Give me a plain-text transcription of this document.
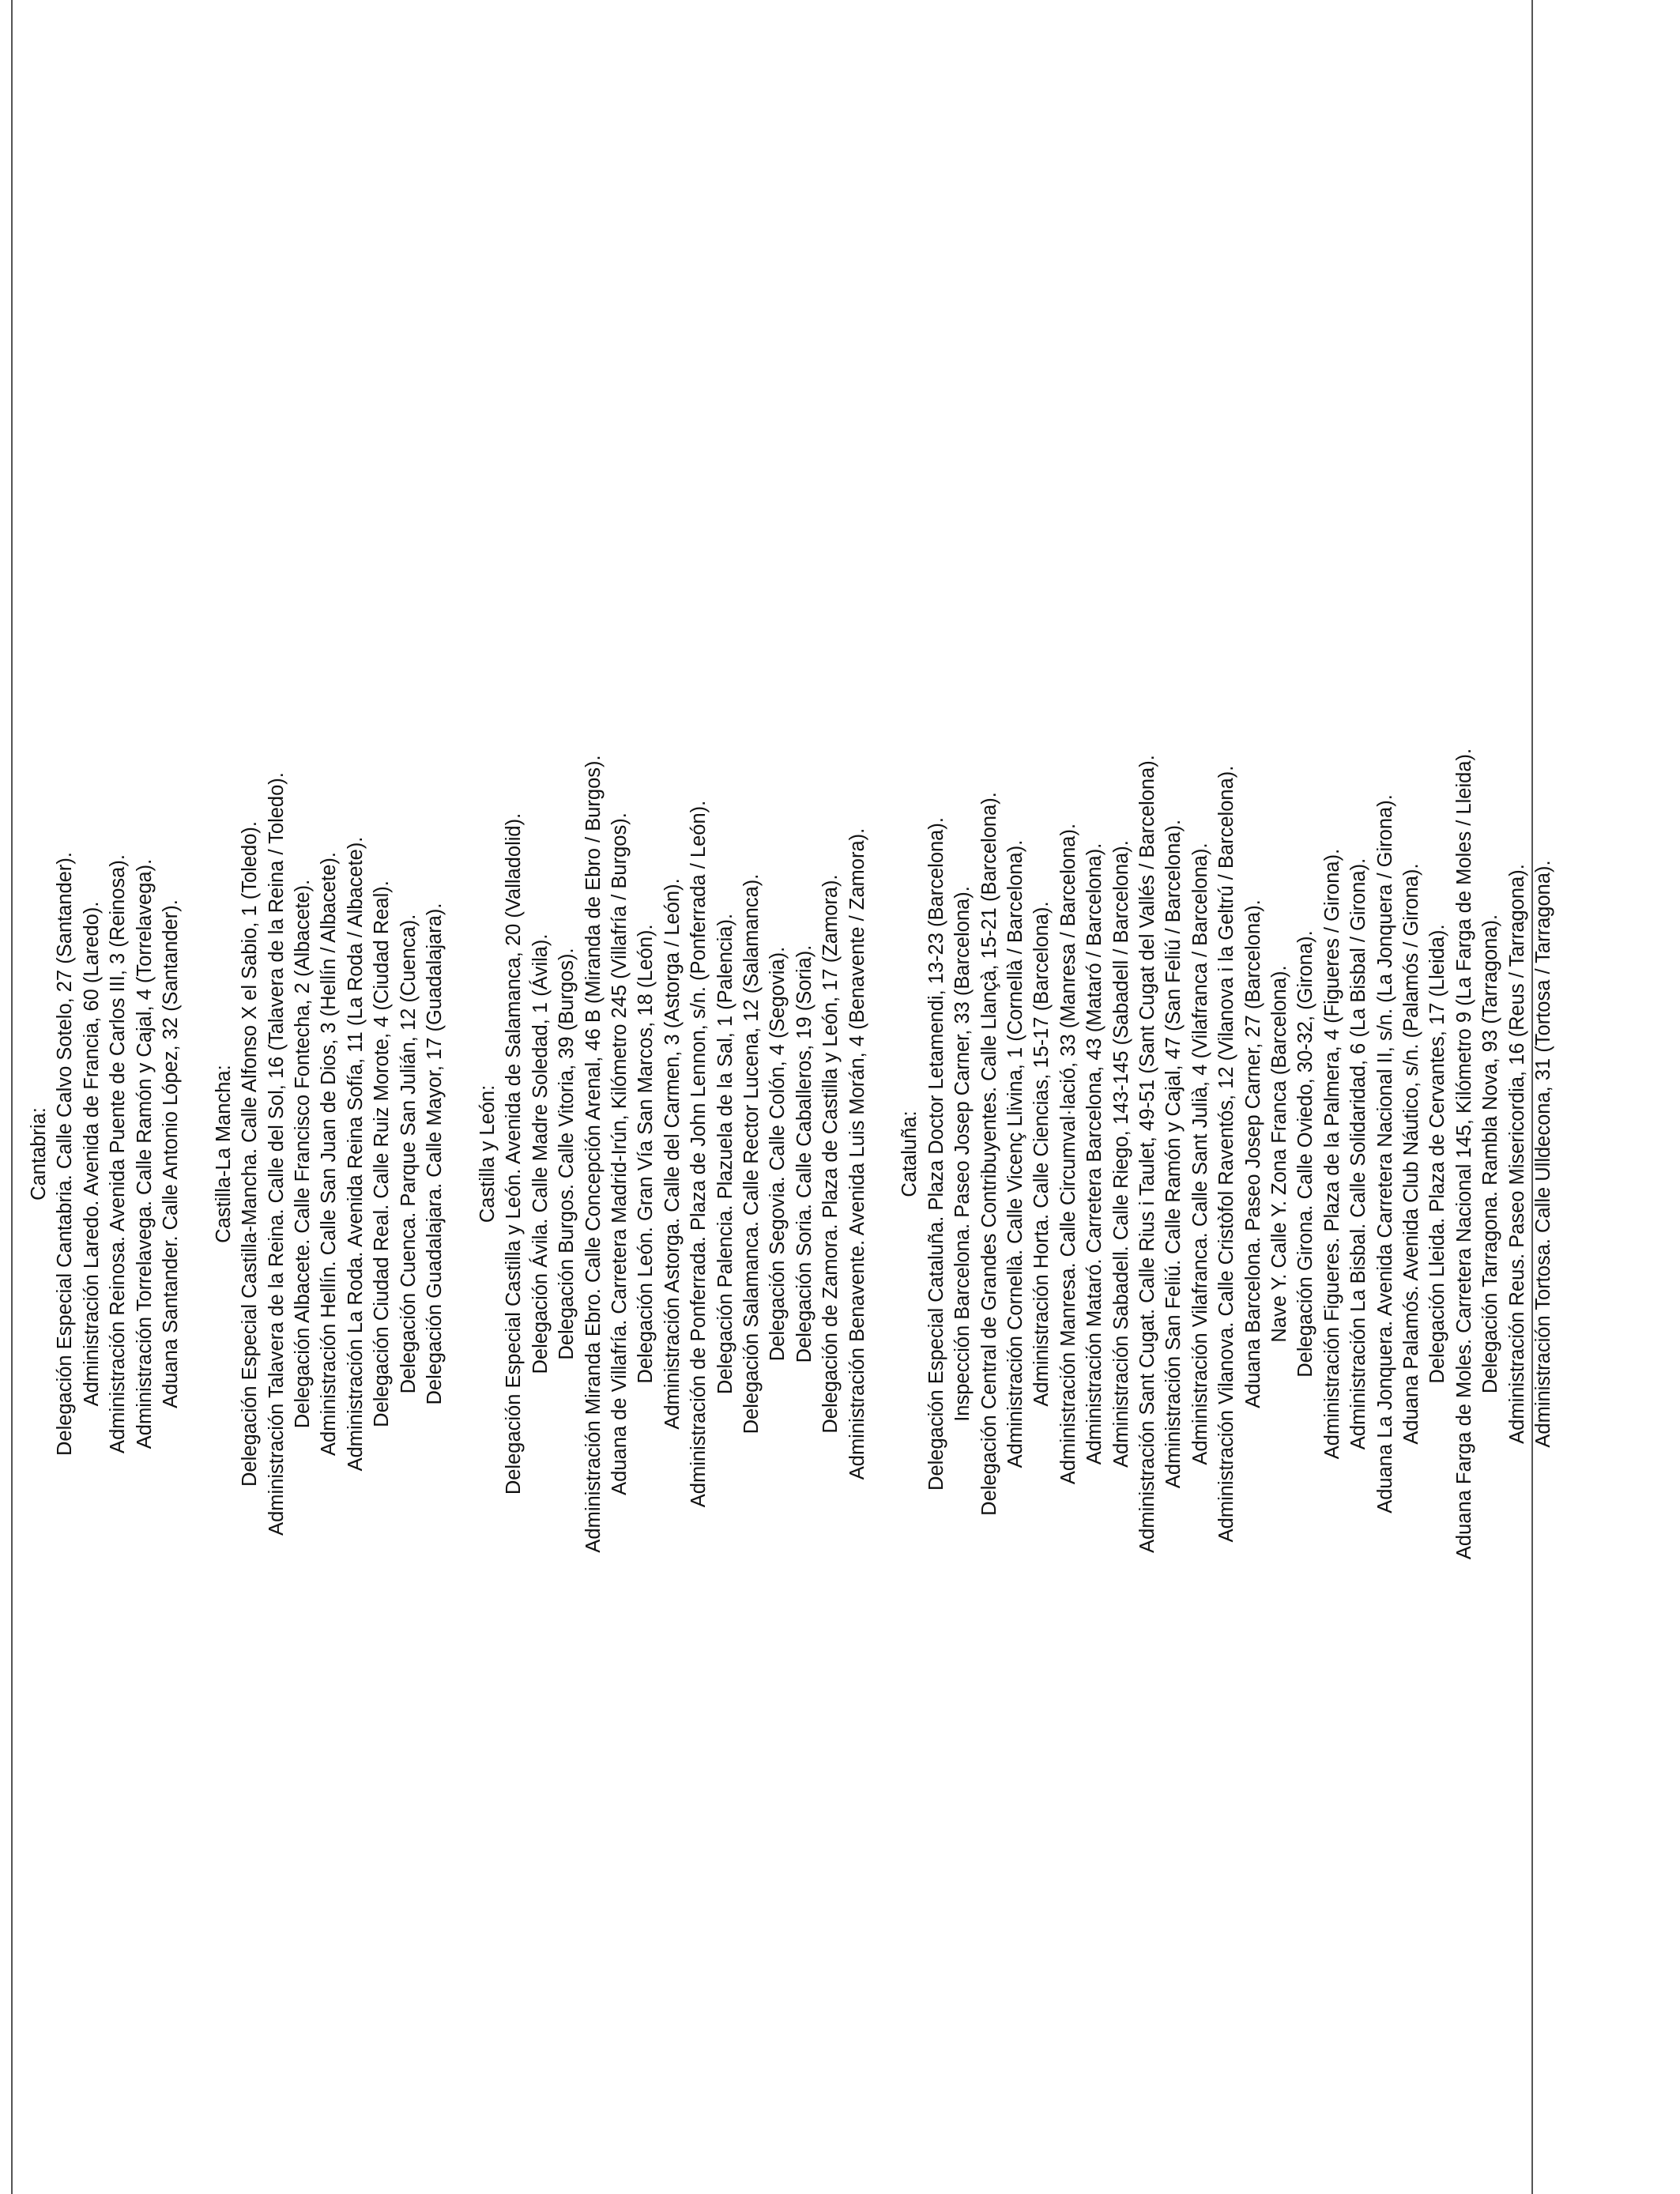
Cantabria: Delegación Especial Cantabria. Calle Calvo Sotelo, 27 (Santander). Administración Laredo. Avenida de Francia, 60 (Laredo). Administración Reinosa. Avenida Puente de Carlos III, 3 (Reinosa). Administración Torrelavega. Calle Ramón y Cajal, 4 (Torrelavega). Aduana Santander. Calle Antonio López, 32 (Santander). Castilla-La Mancha: Delegación Especial Castilla-Mancha. Calle Alfonso X el Sabio, 1 (Toledo). Administración Talavera de la Reina. Calle del Sol, 16 (Talavera de la Reina / Toledo). Delegación Albacete. Calle Francisco Fontecha, 2 (Albacete). Administración Hellín. Calle San Juan de Dios, 3 (Hellín / Albacete). Administración La Roda. Avenida Reina Sofía, 11 (La Roda / Albacete). Delegación Ciudad Real. Calle Ruiz Morote, 4 (Ciudad Real). Delegación Cuenca. Parque San Julián, 12 (Cuenca). Delegación Guadalajara. Calle Mayor, 17 (Guadalajara). Castilla y León: Delegación Especial Castilla y León. Avenida de Salamanca, 20 (Valladolid). Delegación Ávila. Calle Madre Soledad, 1 (Ávila). Delegación Burgos. Calle Vitoria, 39 (Burgos). Administración Miranda Ebro. Calle Concepción Arenal, 46 B (Miranda de Ebro / Burgos). Aduana de Villafría. Carretera Madrid-Irún, Kilómetro 245 (Villafría / Burgos). Delegación León. Gran Vía San Marcos, 18 (León). Administración Astorga. Calle del Carmen, 3 (Astorga / León). Administración de Ponferrada. Plaza de John Lennon, s/n. (Ponferrada / León). Delegación Palencia. Plazuela de la Sal, 1 (Palencia). Delegación Salamanca. Calle Rector Lucena, 12 (Salamanca). Delegación Segovia. Calle Colón, 4 (Segovia). Delegación Soria. Calle Caballeros, 19 (Soria). Delegación de Zamora. Plaza de Castilla y León, 17 (Zamora). Administración Benavente. Avenida Luis Morán, 4 (Benavente / Zamora). Cataluña: Delegación Especial Cataluña. Plaza Doctor Letamendi, 13-23 (Barcelona). Inspección Barcelona. Paseo Josep Carner, 33 (Barcelona). Delegación Central de Grandes Contribuyentes. Calle Llançà, 15-21 (Barcelona). Administración Cornellà. Calle Vicenç Llivina, 1 (Cornellà / Barcelona). Administración Horta. Calle Ciencias, 15-17 (Barcelona). Administración Manresa. Calle Circumval·lació, 33 (Manresa / Barcelona). Administración Mataró. Carretera Barcelona, 43 (Mataró / Barcelona). Administración Sabadell. Calle Riego, 143-145 (Sabadell / Barcelona). Administración Sant Cugat. Calle Rius i Taulet, 49-51 (Sant Cugat del Vallés / Barcelona). Administración San Feliú. Calle Ramón y Cajal, 47 (San Feliú / Barcelona). Administración Vilafranca. Calle Sant Julià, 4 (Vilafranca / Barcelona). Administración Vilanova. Calle Cristòfol Raventós, 12 (Vilanova i la Geltrú / Barcelona). Aduana Barcelona. Paseo Josep Carner, 27 (Barcelona). Nave Y. Calle Y. Zona Franca (Barcelona). Delegación Girona. Calle Oviedo, 30-32, (Girona). Administración Figueres. Plaza de la Palmera, 4 (Figueres / Girona). Administración La Bisbal. Calle Solidaridad, 6 (La Bisbal / Girona). Aduana La Jonquera. Avenida Carretera Nacional II, s/n. (La Jonquera / Girona). Aduana Palamós. Avenida Club Náutico, s/n. (Palamós / Girona). Delegación Lleida. Plaza de Cervantes, 17 (Lleida). Aduana Farga de Moles. Carretera Nacional 145, Kilómetro 9 (La Farga de Moles / Lleida). Delegación Tarragona. Rambla Nova, 93 (Tarragona). Administración Reus. Paseo Misericordia, 16 (Reus / Tarragona). Administración Tortosa. Calle Ulldecona, 31 (Tortosa / Tarragona).
